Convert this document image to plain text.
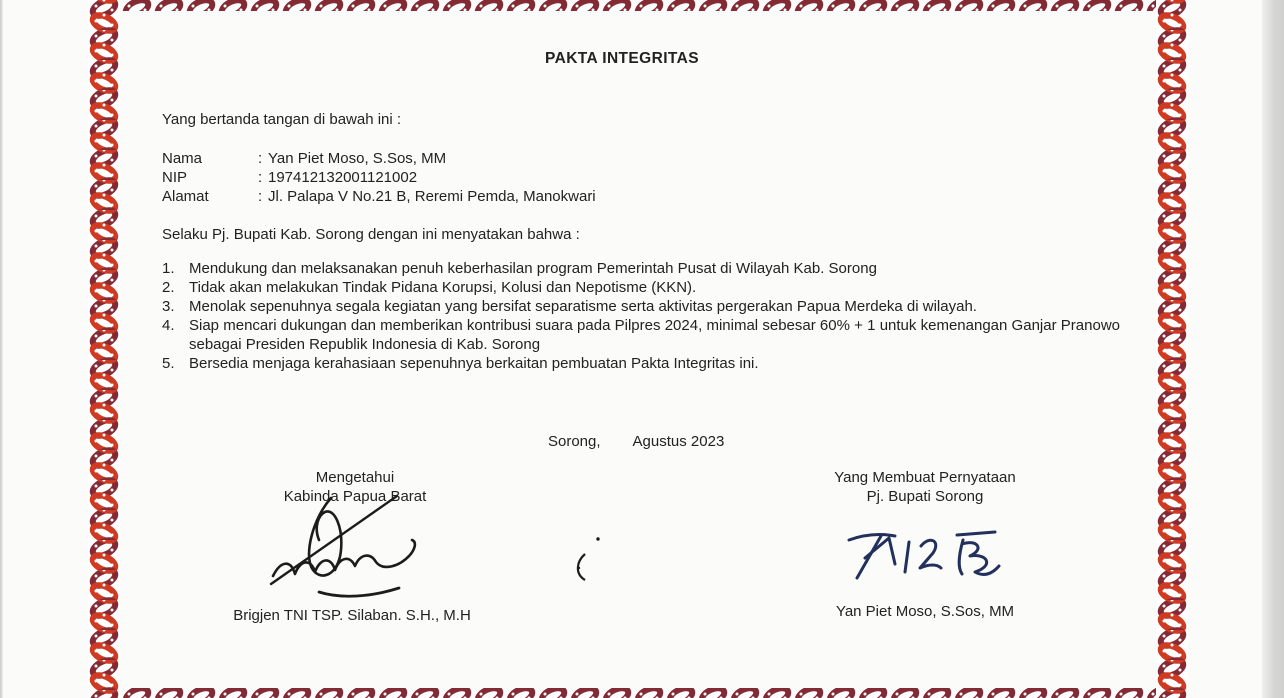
PAKTA INTEGRITAS
Yang bertanda tangan di bawah ini :
Nama	: Yan Piet Moso, S.Sos, MM
NIP	: 197412132001121002
Alamat	: Jl. Palapa V No.21 B, Reremi Pemda, Manokwari
Selaku Pj. Bupati Kab. Sorong dengan ini menyatakan bahwa :
1. Mendukung dan melaksanakan penuh keberhasilan program Pemerintah Pusat di Wilayah Kab. Sorong
2. Tidak akan melakukan Tindak Pidana Korupsi, Kolusi dan Nepotisme (KKN).
3. Menolak sepenuhnya segala kegiatan yang bersifat separatisme serta aktivitas pergerakan Papua Merdeka di wilayah.
4. Siap mencari dukungan dan memberikan kontribusi suara pada Pilpres 2024, minimal sebesar 60% + 1 untuk kemenangan Ganjar Pranowo sebagai Presiden Republik Indonesia di Kab. Sorong
5. Bersedia menjaga kerahasiaan sepenuhnya berkaitan pembuatan Pakta Integritas ini.
Sorong, Agustus 2023
Mengetahui
Kabinda Papua Barat
Brigjen TNI TSP. Silaban. S.H., M.H
Yang Membuat Pernyataan
Pj. Bupati Sorong
Yan Piet Moso, S.Sos, MM
